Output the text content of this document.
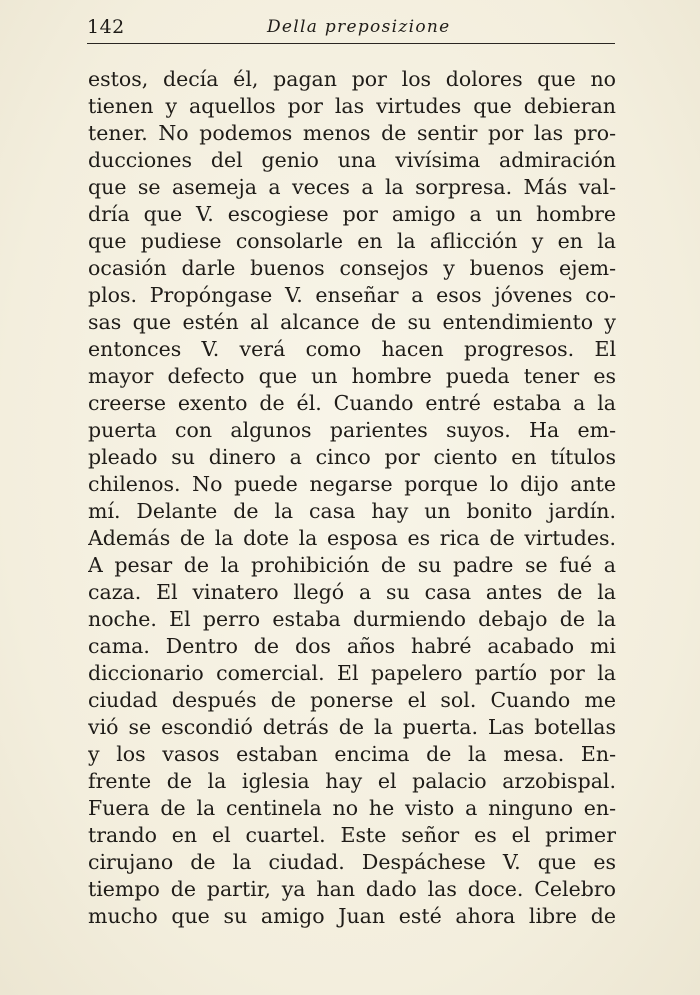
142	Della preposizione
estos, decía él, pagan por los dolores que no
tienen y aquellos por las virtudes que debieran
tener. No podemos menos de sentir por las pro-
ducciones del genio una vivísima admiración
que se asemeja a veces a la sorpresa. Más val-
dría que V. escogiese por amigo a un hombre
que pudiese consolarle en la aflicción y en la
ocasión darle buenos consejos y buenos ejem-
plos. Propóngase V. enseñar a esos jóvenes co-
sas que estén al alcance de su entendimiento y
entonces V. verá como hacen progresos. El
mayor defecto que un hombre pueda tener es
creerse exento de él. Cuando entré estaba a la
puerta con algunos parientes suyos. Ha em-
pleado su dinero a cinco por ciento en títulos
chilenos. No puede negarse porque lo dijo ante
mí. Delante de la casa hay un bonito jardín.
Además de la dote la esposa es rica de virtudes.
A pesar de la prohibición de su padre se fué a
caza. El vinatero llegó a su casa antes de la
noche. El perro estaba durmiendo debajo de la
cama. Dentro de dos años habré acabado mi
diccionario comercial. El papelero partío por la
ciudad después de ponerse el sol. Cuando me
vió se escondió detrás de la puerta. Las botellas
y los vasos estaban encima de la mesa. En-
frente de la iglesia hay el palacio arzobispal.
Fuera de la centinela no he visto a ninguno en-
trando en el cuartel. Este señor es el primer
cirujano de la ciudad. Despáchese V. que es
tiempo de partir, ya han dado las doce. Celebro
mucho que su amigo Juan esté ahora libre de
